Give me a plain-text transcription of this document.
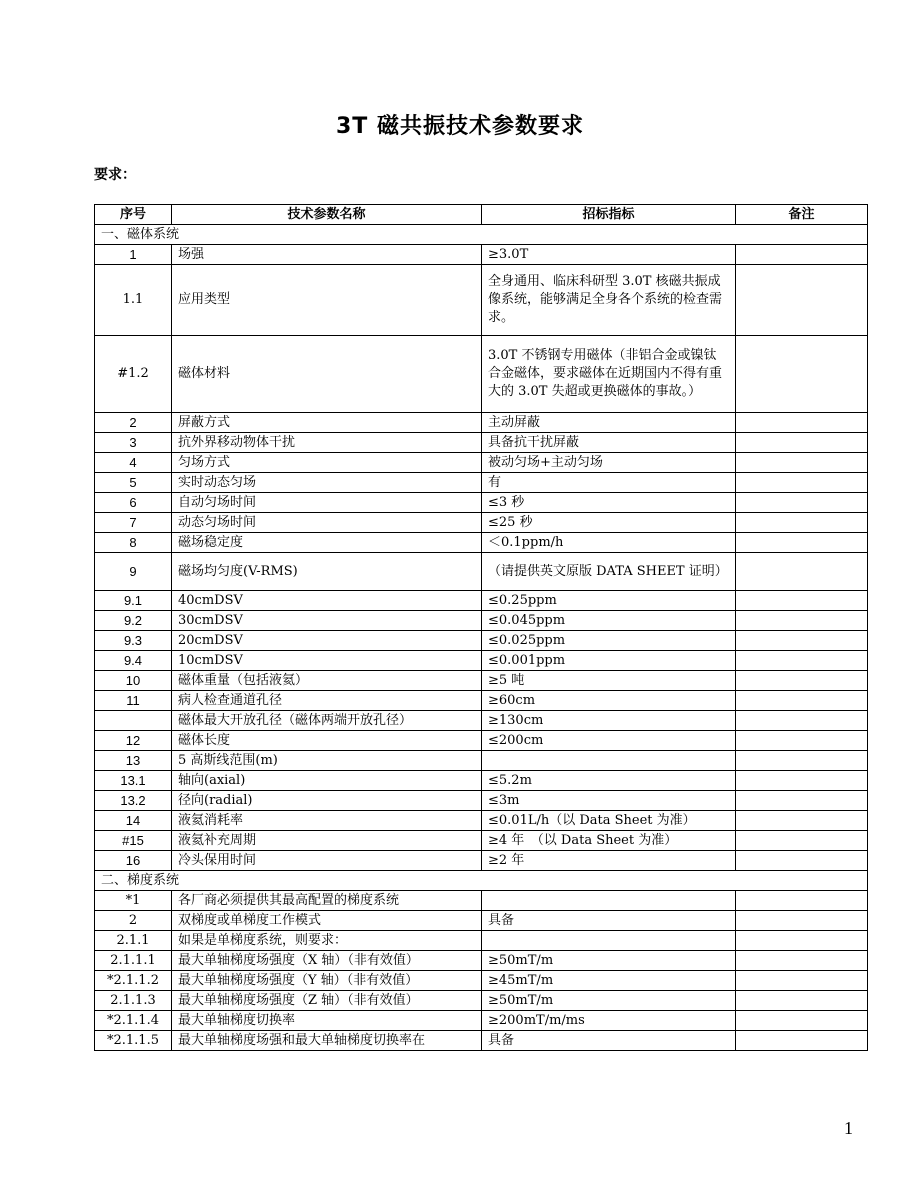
3T 磁共振技术参数要求
要求：
序号	技术参数名称	招标指标	备注
一、磁体系统			
1	场强	≥3.0T	
1.1	应用类型	全身通用、临床科研型 3.0T 核磁共振成像系统，能够满足全身各个系统的检查需求。	
#1.2	磁体材料	3.0T 不锈钢专用磁体（非铝合金或镍钛合金磁体，要求磁体在近期国内不得有重大的 3.0T 失超或更换磁体的事故。）	
2	屏蔽方式	主动屏蔽	
3	抗外界移动物体干扰	具备抗干扰屏蔽	
4	匀场方式	被动匀场+主动匀场	
5	实时动态匀场	有	
6	自动匀场时间	≤3 秒	
7	动态匀场时间	≤25 秒	
8	磁场稳定度	＜0.1ppm/h	
9	磁场均匀度(V-RMS)	（请提供英文原版 DATA SHEET 证明）	
9.1	40cmDSV	≤0.25ppm	
9.2	30cmDSV	≤0.045ppm	
9.3	20cmDSV	≤0.025ppm	
9.4	10cmDSV	≤0.001ppm	
10	磁体重量（包括液氦）	≥5 吨	
11	病人检查通道孔径	≥60cm	
	磁体最大开放孔径（磁体两端开放孔径）	≥130cm	
12	磁体长度	≤200cm	
13	5 高斯线范围(m)		
13.1	轴向(axial)	≤5.2m	
13.2	径向(radial)	≤3m	
14	液氦消耗率	≤0.01L/h（以 Data Sheet 为准）	
#15	液氦补充周期	≥4 年　（以 Data Sheet 为准）	
16	冷头保用时间	≥2 年	
二、梯度系统			
*1	各厂商必须提供其最高配置的梯度系统		
2	双梯度或单梯度工作模式	具备	
2.1.1	如果是单梯度系统，则要求：		
2.1.1.1	最大单轴梯度场强度（X 轴）（非有效值）	≥50mT/m	
*2.1.1.2	最大单轴梯度场强度（Y 轴）（非有效值）	≥45mT/m	
2.1.1.3	最大单轴梯度场强度（Z 轴）（非有效值）	≥50mT/m	
*2.1.1.4	最大单轴梯度切换率	≥200mT/m/ms	
*2.1.1.5	最大单轴梯度场强和最大单轴梯度切换率在	具备	
1
